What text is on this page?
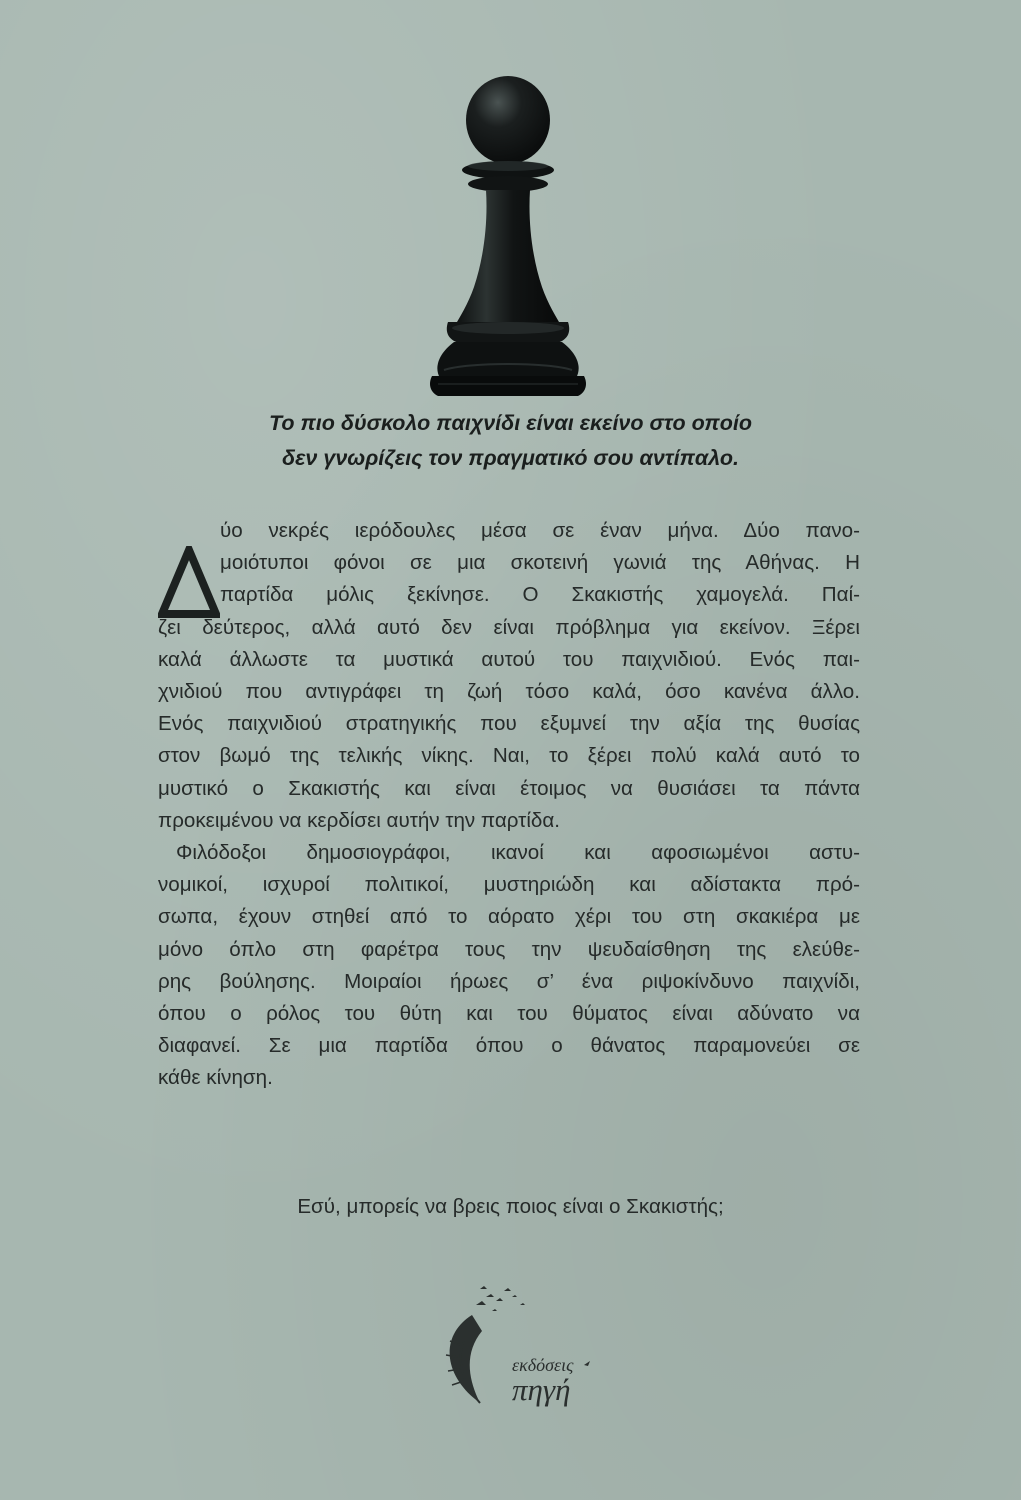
Το πιο δύσκολο παιχνίδι είναι εκείνο στο οποίο
δεν γνωρίζεις τον πραγματικό σου αντίπαλο.
Δ
ύο νεκρές ιερόδουλες μέσα σε έναν μήνα. Δύο πανο-
μοιότυποι φόνοι σε μια σκοτεινή γωνιά της Αθήνας. Η
παρτίδα μόλις ξεκίνησε. Ο Σκακιστής χαμογελά. Παί-
ζει δεύτερος, αλλά αυτό δεν είναι πρόβλημα για εκείνον. Ξέρει
καλά άλλωστε τα μυστικά αυτού του παιχνιδιού. Ενός παι-
χνιδιού που αντιγράφει τη ζωή τόσο καλά, όσο κανένα άλλο.
Ενός παιχνιδιού στρατηγικής που εξυμνεί την αξία της θυσίας
στον βωμό της τελικής νίκης. Ναι, το ξέρει πολύ καλά αυτό το
μυστικό ο Σκακιστής και είναι έτοιμος να θυσιάσει τα πάντα
προκειμένου να κερδίσει αυτήν την παρτίδα.
Φιλόδοξοι δημοσιογράφοι, ικανοί και αφοσιωμένοι αστυ-
νομικοί, ισχυροί πολιτικοί, μυστηριώδη και αδίστακτα πρό-
σωπα, έχουν στηθεί από το αόρατο χέρι του στη σκακιέρα με
μόνο όπλο στη φαρέτρα τους την ψευδαίσθηση της ελεύθε-
ρης βούλησης. Μοιραίοι ήρωες σ’ ένα ριψοκίνδυνο παιχνίδι,
όπου ο ρόλος του θύτη και του θύματος είναι αδύνατο να
διαφανεί. Σε μια παρτίδα όπου ο θάνατος παραμονεύει σε
κάθε κίνηση.
Εσύ, μπορείς να βρεις ποιος είναι ο Σκακιστής;
εκδόσεις
πηγή
